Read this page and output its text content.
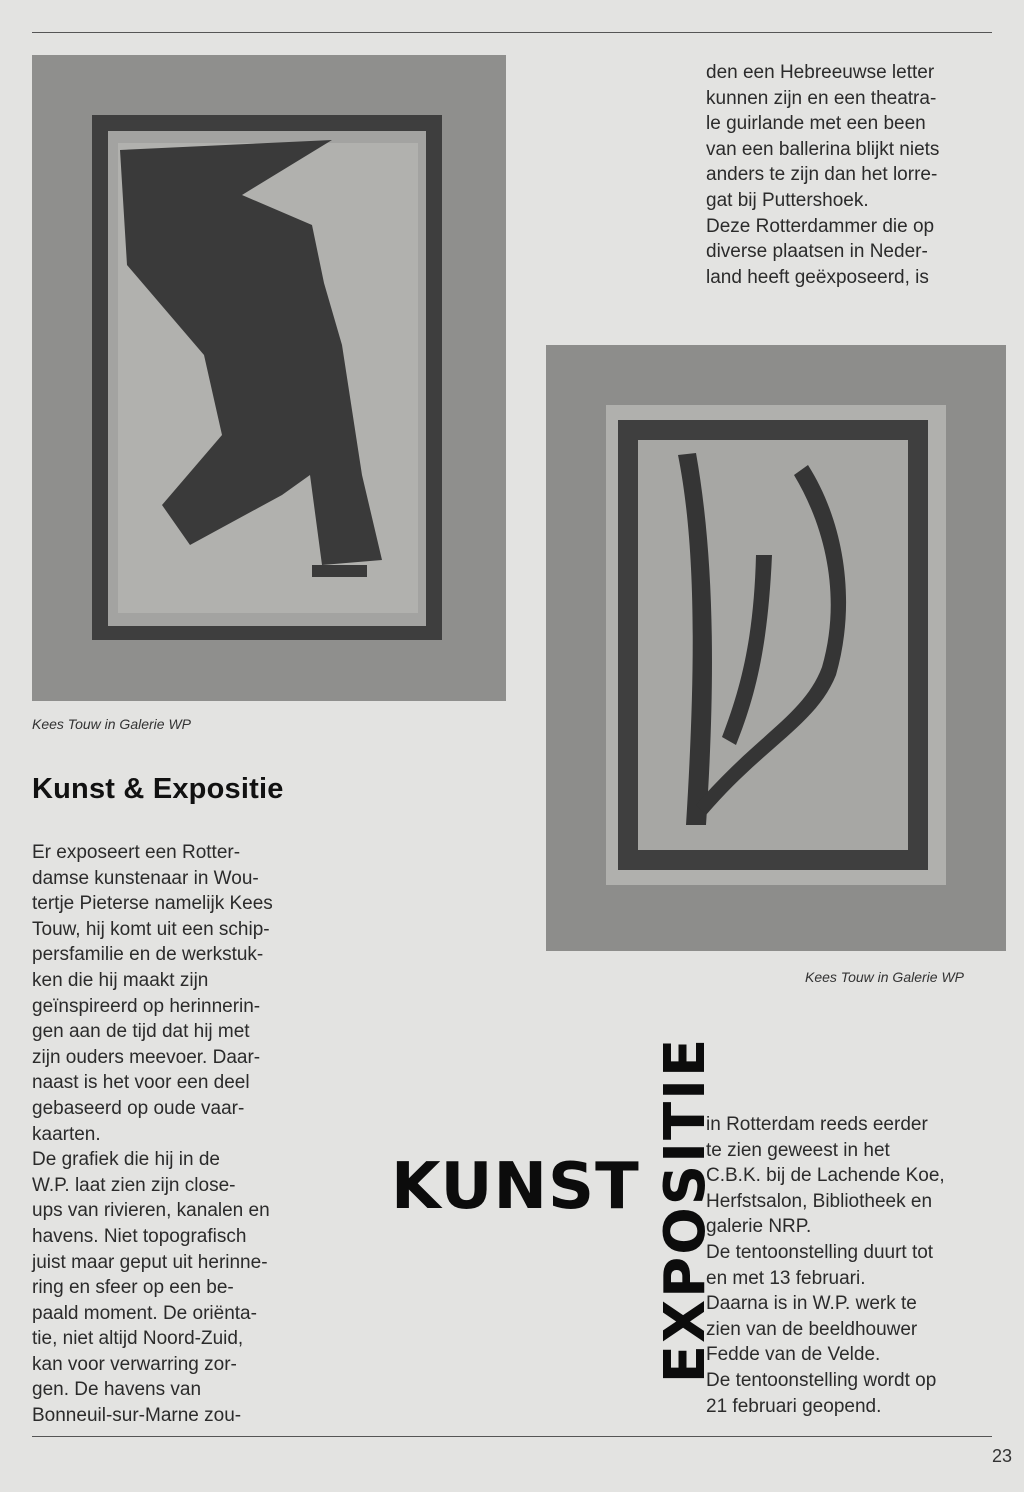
Kees Touw in Galerie WP
Kunst & Expositie
Kees Touw in Galerie WP
den een Hebreeuwse letter
kunnen zijn en een theatra-
le guirlande met een been
van een ballerina blijkt niets
anders te zijn dan het lorre-
gat bij Puttershoek.
Deze Rotterdammer die op
diverse plaatsen in Neder-
land heeft geëxposeerd, is
Er exposeert een Rotter-
damse kunstenaar in Wou-
tertje Pieterse namelijk Kees
Touw, hij komt uit een schip-
persfamilie en de werkstuk-
ken die hij maakt zijn
geïnspireerd op herinnerin-
gen aan de tijd dat hij met
zijn ouders meevoer. Daar-
naast is het voor een deel
gebaseerd op oude vaar-
kaarten.
De grafiek die hij in de
W.P. laat zien zijn close-
ups van rivieren, kanalen en
havens. Niet topografisch
juist maar geput uit herinne-
ring en sfeer op een be-
paald moment. De oriënta-
tie, niet altijd Noord-Zuid,
kan voor verwarring zor-
gen. De havens van
Bonneuil-sur-Marne zou-
KUNST EXPOSITIE
in Rotterdam reeds eerder
te zien geweest in het
C.B.K. bij de Lachende Koe,
Herfstsalon, Bibliotheek en
galerie NRP.
De tentoonstelling duurt tot
en met 13 februari.
Daarna is in W.P. werk te
zien van de beeldhouwer
Fedde van de Velde.
De tentoonstelling wordt op
21 februari geopend.
23
